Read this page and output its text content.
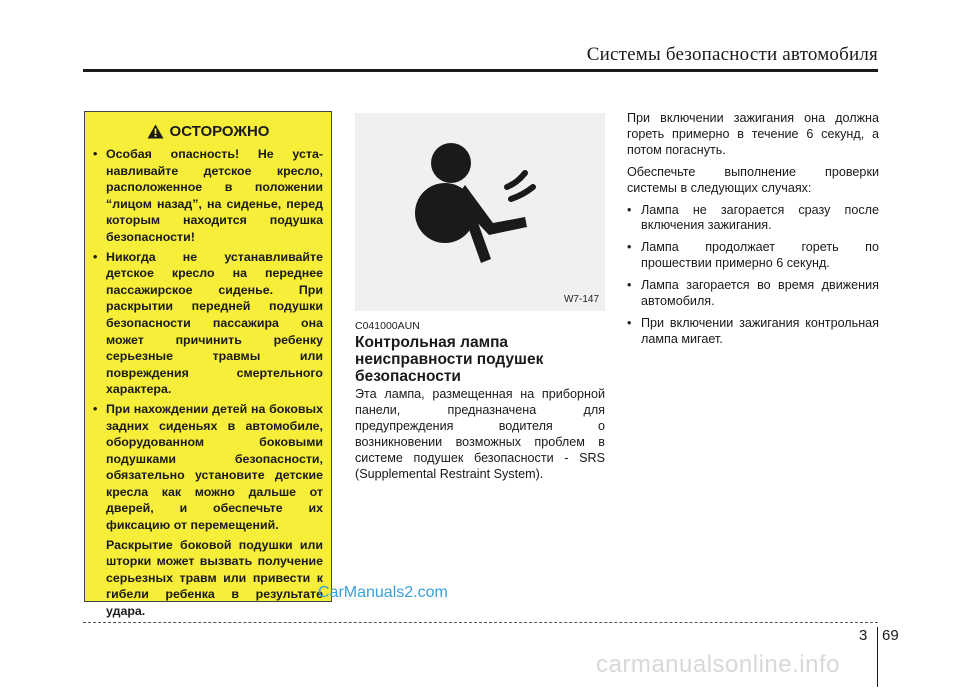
Системы безопасности автомобиля
ОСТОРОЖНО
• Особая опасность! Не уста-навливайте детское кресло, расположенное в положении “лицом назад”, на сиденье, перед которым находится подушка безопасности!

• Никогда не устанавливайте детское кресло на переднее пассажирское сиденье. При раскрытии передней подушки безопасности пассажира она может причинить ребенку серьезные травмы или повреждения смертельного характера.

• При нахождении детей на боковых задних сиденьях в автомобиле, оборудованном боковыми подушками безопасности, обязательно установите детские кресла как можно дальше от дверей, и обеспечьте их фиксацию от перемещений.

Раскрытие боковой подушки или шторки может вызвать получение серьезных травм или привести к гибели ребенка в результате удара.

W7-147
C041000AUN
Контрольная лампа неисправности подушек безопасности

Эта лампа, размещенная на приборной панели, предназначена для предупреждения водителя о возникновении возможных проблем в системе подушек безопасности - SRS (Supplemental Restraint System).

При включении зажигания она должна гореть примерно в течение 6 секунд, а потом погаснуть.

Обеспечьте выполнение проверки системы в следующих случаях:

• Лампа не загорается сразу после включения зажигания.
• Лампа продолжает гореть по прошествии примерно 6 секунд.
• Лампа загорается во время движения автомобиля.
• При включении зажигания контрольная лампа мигает.
CarManuals2.com
3 69
carmanualsonline.info
